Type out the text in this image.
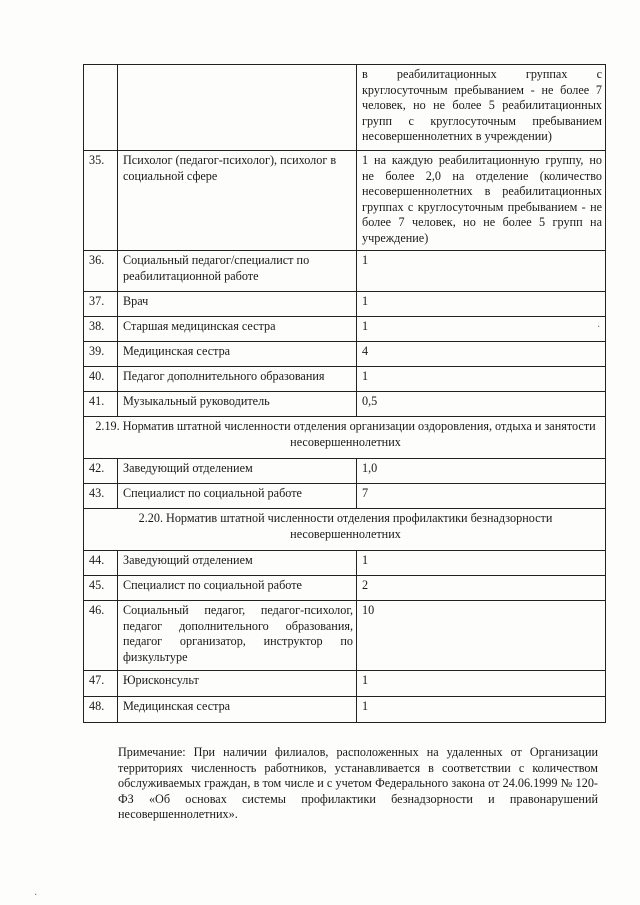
		в реабилитационных группах с круглосуточным пребыванием - не более 7 человек, но не более 5 реабилитационных групп с круглосуточным пребыванием несовершеннолетних в учреждении)
35.	Психолог (педагог-психолог), психолог в социальной сфере	1 на каждую реабилитационную группу, но не более 2,0 на отделение (количество несовершеннолетних в реабилитационных группах с круглосуточным пребыванием - не более 7 человек, но не более 5 групп на учреждение)
36.	Социальный педагог/специалист по реабилитационной работе	1
37.	Врач	1
38.	Старшая медицинская сестра	1
39.	Медицинская сестра	4
40.	Педагог дополнительного образования	1
41.	Музыкальный руководитель	0,5
2.19. Норматив штатной численности отделения организации оздоровления, отдыха и занятости несовершеннолетних		
42.	Заведующий отделением	1,0
43.	Специалист по социальной работе	7
2.20. Норматив штатной численности отделения профилактики безнадзорности несовершеннолетних		
44.	Заведующий отделением	1
45.	Специалист по социальной работе	2
46.	Социальный педагог, педагог-психолог, педагог дополнительного образования, педагог организатор, инструктор по физкультуре	10
47.	Юрисконсульт	1
48.	Медицинская сестра	1

Примечание: При наличии филиалов, расположенных на удаленных от Организации территориях численность работников, устанавливается в соответствии с количеством обслуживаемых граждан, в том числе и с учетом Федерального закона от 24.06.1999 № 120-ФЗ «Об основах системы профилактики безнадзорности и правонарушений несовершеннолетних».

·
·
